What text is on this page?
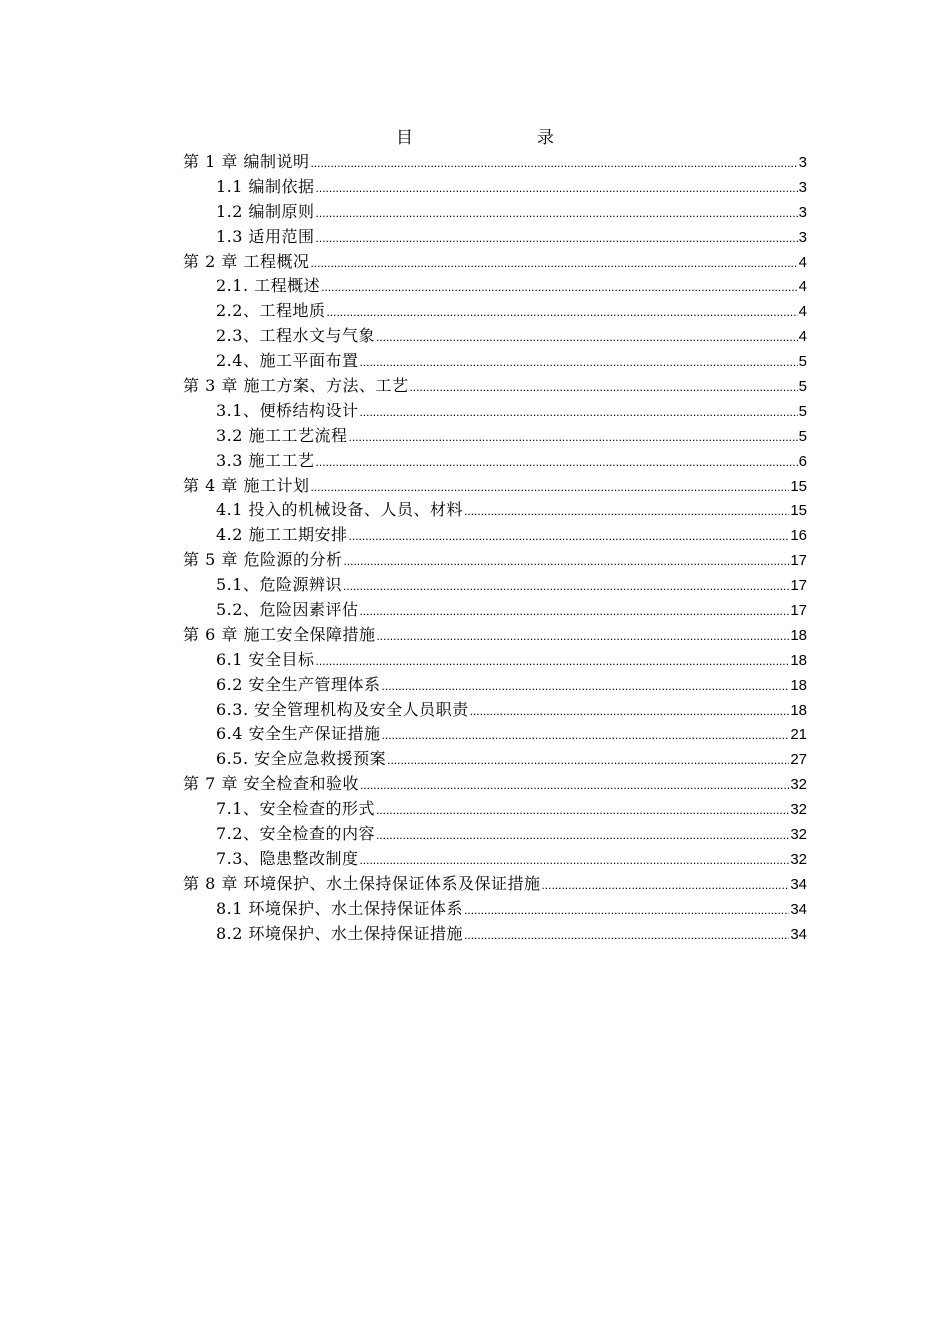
目　　录
第 1 章 编制说明 .....	3
1.1 编制依据 .....	3
1.2 编制原则 .....	3
1.3 适用范围 .....	3
第 2 章 工程概况 .....	4
2.1. 工程概述 .....	4
2.2、工程地质 .....	4
2.3、工程水文与气象 .....	4
2.4、施工平面布置 .....	5
第 3 章 施工方案、方法、工艺 .....	5
3.1、便桥结构设计 .....	5
3.2 施工工艺流程 .....	5
3.3 施工工艺 .....	6
第 4 章 施工计划 .....	15
4.1 投入的机械设备、人员、材料 .....	15
4.2 施工工期安排 .....	16
第 5 章 危险源的分析 .....	17
5.1、危险源辨识 .....	17
5.2、危险因素评估 .....	17
第 6 章 施工安全保障措施 .....	18
6.1 安全目标 .....	18
6.2 安全生产管理体系 .....	18
6.3. 安全管理机构及安全人员职责 .....	18
6.4 安全生产保证措施 .....	21
6.5. 安全应急救援预案 .....	27
第 7 章 安全检查和验收 .....	32
7.1、安全检查的形式 .....	32
7.2、安全检查的内容 .....	32
7.3、隐患整改制度 .....	32
第 8 章 环境保护、水土保持保证体系及保证措施 .....	34
8.1 环境保护、水土保持保证体系 .....	34
8.2 环境保护、水土保持保证措施 .....	34
